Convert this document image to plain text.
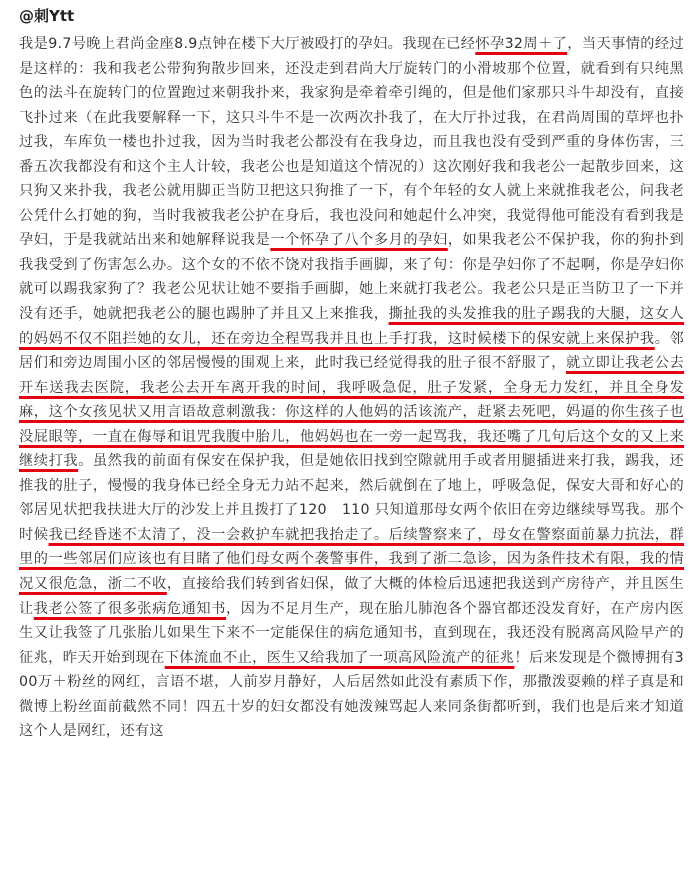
@刺Ytt

我是9.7号晚上君尚金座8.9点钟在楼下大厅被殴打的孕妇。我现在已经怀孕32周＋了，当天事情的经过是这样的：我和我老公带狗狗散步回来，还没走到君尚大厅旋转门的小滑坡那个位置，就看到有只纯黑色的法斗在旋转门的位置跑过来朝我扑来，我家狗是牵着牵引绳的，但是他们家那只斗牛却没有，直接飞扑过来（在此我要解释一下，这只斗牛不是一次两次扑我了，在大厅扑过我，在君尚周围的草坪也扑过我，车库负一楼也扑过我，因为当时我老公都没有在我身边，而且我也没有受到严重的身体伤害，三番五次我都没有和这个主人计较，我老公也是知道这个情况的）这次刚好我和我老公一起散步回来，这只狗又来扑我，我老公就用脚正当防卫把这只狗推了一下，有个年轻的女人就上来就推我老公，问我老公凭什么打她的狗，当时我被我老公护在身后，我也没问和她起什么冲突，我觉得他可能没有看到我是孕妇，于是我就站出来和她解释说我是一个怀孕了八个多月的孕妇，如果我老公不保护我，你的狗扑到我我受到了伤害怎么办。这个女的不依不饶对我指手画脚，来了句：你是孕妇你了不起啊，你是孕妇你就可以踢我家狗了？我老公见状让她不要指手画脚，她上来就打我老公。我老公只是正当防卫了一下并没有还手，她就把我老公的腿也踢肿了并且又上来推我，撕扯我的头发推我的肚子踢我的大腿，这女人的妈妈不仅不阻拦她的女儿，还在旁边全程骂我并且也上手打我，这时候楼下的保安就上来保护我。邻居们和旁边周围小区的邻居慢慢的围观上来，此时我已经觉得我的肚子很不舒服了，就立即让我老公去开车送我去医院，我老公去开车离开我的时间，我呼吸急促，肚子发紧，全身无力发红，并且全身发麻，这个女孩见状又用言语故意刺激我：你这样的人他妈的活该流产，赶紧去死吧，妈逼的你生孩子也没屁眼等，一直在侮辱和诅咒我腹中胎儿，他妈妈也在一旁一起骂我，我还嘴了几句后这个女的又上来继续打我。虽然我的前面有保安在保护我，但是她依旧找到空隙就用手或者用腿插进来打我，踢我，还推我的肚子，慢慢的我身体已经全身无力站不起来，然后就倒在了地上，呼吸急促，保安大哥和好心的邻居见状把我扶进大厅的沙发上并且拨打了120　110 只知道那母女两个依旧在旁边继续辱骂我。那个时候我已经昏迷不太清了，没一会救护车就把我抬走了。后续警察来了，母女在警察面前暴力抗法，群里的一些邻居们应该也有目睹了他们母女两个袭警事件，我到了浙二急诊，因为条件技术有限，我的情况又很危急，浙二不收，直接给我们转到省妇保，做了大概的体检后迅速把我送到产房待产，并且医生让我老公签了很多张病危通知书，因为不足月生产，现在胎儿肺泡各个器官都还没发育好，在产房内医生又让我签了几张胎儿如果生下来不一定能保住的病危通知书，直到现在，我还没有脱离高风险早产的征兆，昨天开始到现在下体流血不止，医生又给我加了一项高风险流产的征兆！后来发现是个微博拥有300万＋粉丝的网红，言语不堪，人前岁月静好，人后居然如此没有素质下作，那撒泼耍赖的样子真是和微博上粉丝面前截然不同！四五十岁的妇女都没有她泼辣骂起人来同条街都听到，我们也是后来才知道这个人是网红，还有这
